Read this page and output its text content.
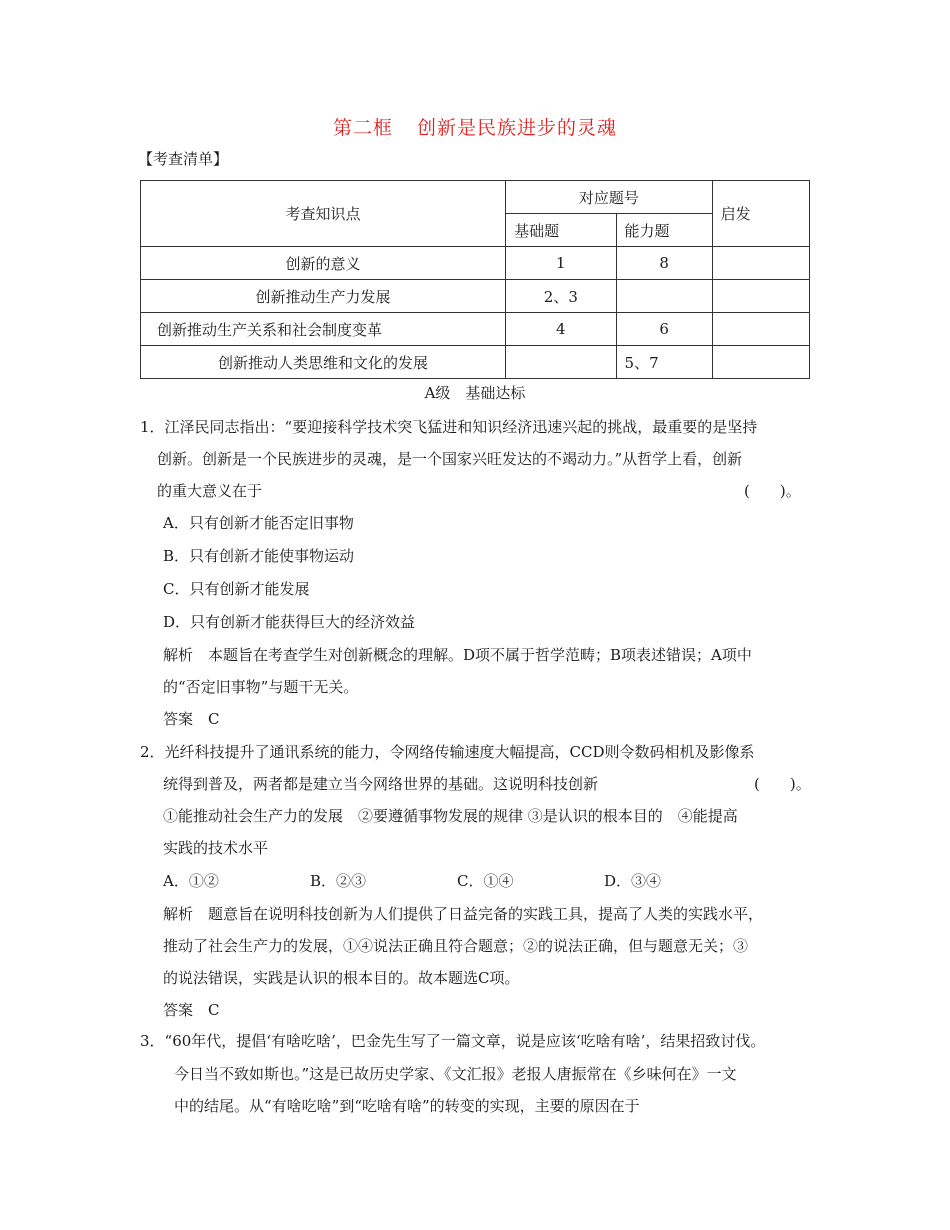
第二框 创新是民族进步的灵魂
【考查清单】
考查知识点	对应题号		启发
	基础题	能力题	
创新的意义	1	8	
创新推动生产力发展	2、3		
创新推动生产关系和社会制度变革	4	6	
创新推动人类思维和文化的发展		5、7	
A级　基础达标
1．江泽民同志指出：“要迎接科学技术突飞猛进和知识经济迅速兴起的挑战，最重要的是坚持
创新。创新是一个民族进步的灵魂，是一个国家兴旺发达的不竭动力。”从哲学上看，创新
的重大意义在于	(　　)。
A．只有创新才能否定旧事物
B．只有创新才能使事物运动
C．只有创新才能发展
D．只有创新才能获得巨大的经济效益
解析　本题旨在考查学生对创新概念的理解。D项不属于哲学范畴；B项表述错误；A项中
的“否定旧事物”与题干无关。
答案　C
2．光纤科技提升了通讯系统的能力，令网络传输速度大幅提高，CCD则令数码相机及影像系
统得到普及，两者都是建立当今网络世界的基础。这说明科技创新	(　　)。
①能推动社会生产力的发展　②要遵循事物发展的规律 ③是认识的根本目的　④能提高
实践的技术水平
A．①②	B．②③	C．①④	D．③④
解析　题意旨在说明科技创新为人们提供了日益完备的实践工具，提高了人类的实践水平，
推动了社会生产力的发展，①④说法正确且符合题意；②的说法正确，但与题意无关；③
的说法错误，实践是认识的根本目的。故本题选C项。
答案　C
3．“60年代，提倡‘有啥吃啥’，巴金先生写了一篇文章，说是应该‘吃啥有啥’，结果招致讨伐。
今日当不致如斯也。”这是已故历史学家、《文汇报》老报人唐振常在《乡味何在》一文
中的结尾。从“有啥吃啥”到“吃啥有啥”的转变的实现，主要的原因在于
